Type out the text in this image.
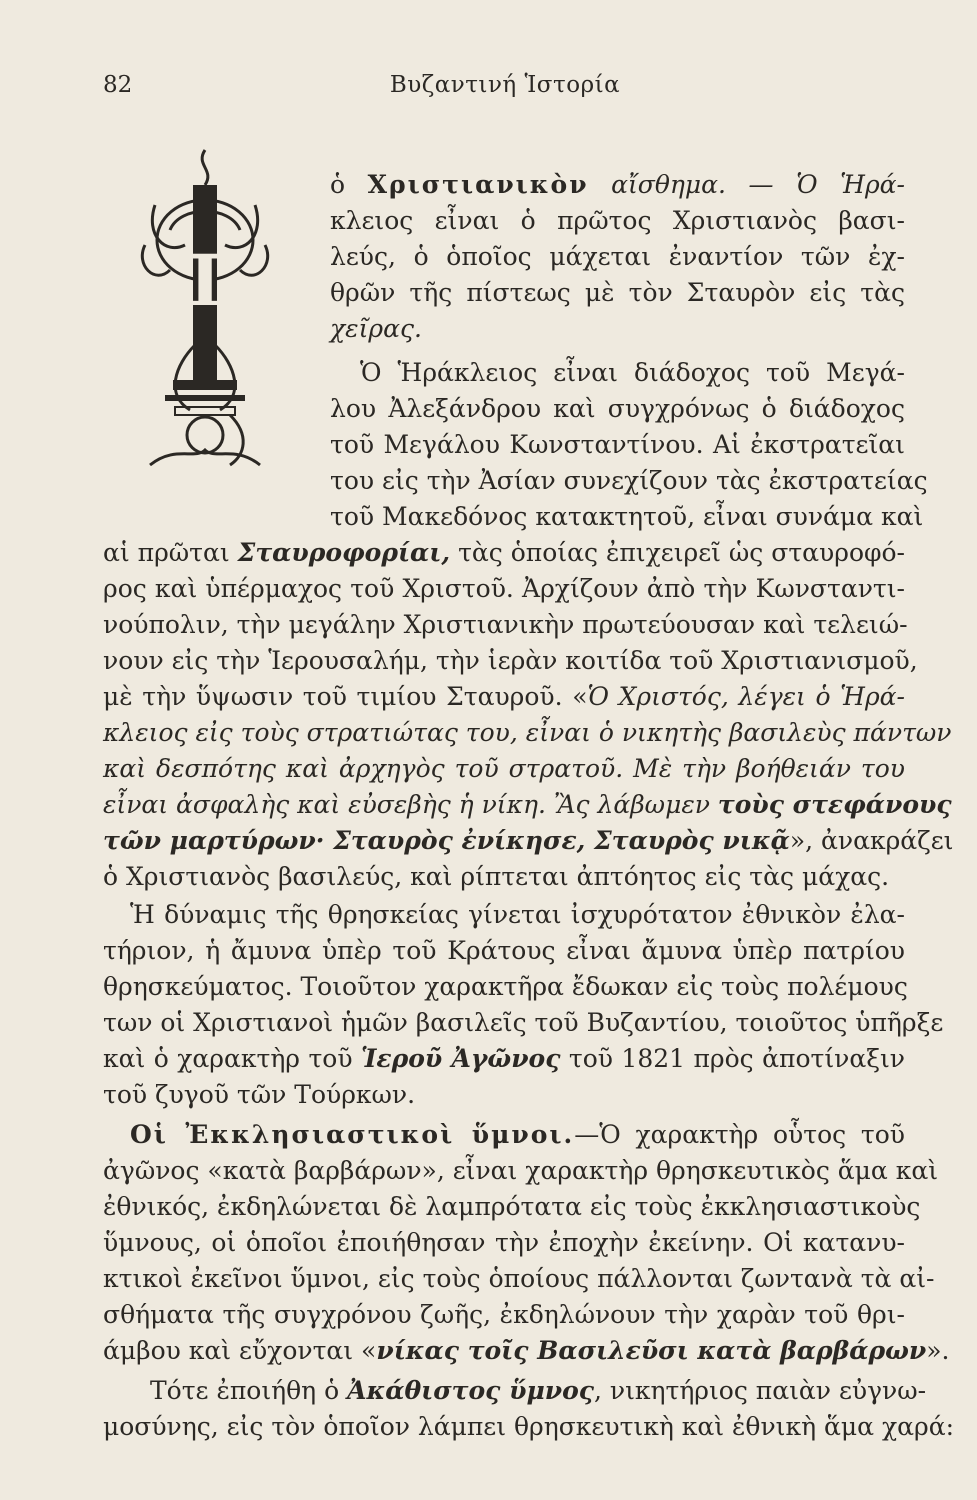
82	Βυζαντινή Ἱστορία
Τ
ὁ Χριστιανικὸν αἴσθημα. — Ὁ Ἡρά-
κλειος εἶναι ὁ πρῶτος Χριστιανὸς βασι-
λεύς, ὁ ὁποῖος μάχεται ἐναντίον τῶν ἐχ-
θρῶν τῆς πίστεως μὲ τὸν Σταυρὸν εἰς τὰς
χεῖρας.
Ὁ Ἡράκλειος εἶναι διάδοχος τοῦ Μεγά-
λου Ἀλεξάνδρου καὶ συγχρόνως ὁ διάδοχος
τοῦ Μεγάλου Κωνσταντίνου. Αἱ ἐκστρατεῖαι
του εἰς τὴν Ἀσίαν συνεχίζουν τὰς ἐκστρατείας
τοῦ Μακεδόνος κατακτητοῦ, εἶναι συνάμα καὶ
αἱ πρῶται Σταυροφορίαι, τὰς ὁποίας ἐπιχειρεῖ ὡς σταυροφό-
ρος καὶ ὑπέρμαχος τοῦ Χριστοῦ. Ἀρχίζουν ἀπὸ τὴν Κωνσταντι-
νούπολιν, τὴν μεγάλην Χριστιανικὴν πρωτεύουσαν καὶ τελειώ-
νουν εἰς τὴν Ἱερουσαλήμ, τὴν ἱερὰν κοιτίδα τοῦ Χριστιανισμοῦ,
μὲ τὴν ὕψωσιν τοῦ τιμίου Σταυροῦ. «Ὁ Χριστός, λέγει ὁ Ἡρά-
κλειος εἰς τοὺς στρατιώτας του, εἶναι ὁ νικητὴς βασιλεὺς πάντων
καὶ δεσπότης καὶ ἀρχηγὸς τοῦ στρατοῦ. Μὲ τὴν βοήθειάν του
εἶναι ἀσφαλὴς καὶ εὐσεβὴς ἡ νίκη. Ἂς λάβωμεν τοὺς στεφάνους
τῶν μαρτύρων· Σταυρὸς ἐνίκησε, Σταυρὸς νικᾷ», ἀνακράζει
ὁ Χριστιανὸς βασιλεύς, καὶ ρίπτεται ἀπτόητος εἰς τὰς μάχας.
Ἡ δύναμις τῆς θρησκείας γίνεται ἰσχυρότατον ἐθνικὸν ἐλα-
τήριον, ἡ ἄμυνα ὑπὲρ τοῦ Κράτους εἶναι ἄμυνα ὑπὲρ πατρίου
θρησκεύματος. Τοιοῦτον χαρακτῆρα ἔδωκαν εἰς τοὺς πολέμους
των οἱ Χριστιανοὶ ἡμῶν βασιλεῖς τοῦ Βυζαντίου, τοιοῦτος ὑπῆρξε
καὶ ὁ χαρακτὴρ τοῦ Ἱεροῦ Ἀγῶνος τοῦ 1821 πρὸς ἀποτίναξιν
τοῦ ζυγοῦ τῶν Τούρκων.
Οἱ Ἐκκλησιαστικοὶ ὕμνοι.—Ὁ χαρακτὴρ οὗτος τοῦ
ἀγῶνος «κατὰ βαρβάρων», εἶναι χαρακτὴρ θρησκευτικὸς ἅμα καὶ
ἐθνικός, ἐκδηλώνεται δὲ λαμπρότατα εἰς τοὺς ἐκκλησιαστικοὺς
ὕμνους, οἱ ὁποῖοι ἐποιήθησαν τὴν ἐποχὴν ἐκείνην. Οἱ κατανυ-
κτικοὶ ἐκεῖνοι ὕμνοι, εἰς τοὺς ὁποίους πάλλονται ζωντανὰ τὰ αἰ-
σθήματα τῆς συγχρόνου ζωῆς, ἐκδηλώνουν τὴν χαρὰν τοῦ θρι-
άμβου καὶ εὔχονται «νίκας τοῖς Βασιλεῦσι κατὰ βαρβάρων».
Τότε ἐποιήθη ὁ Ἀκάθιστος ὕμνος, νικητήριος παιὰν εὐγνω-
μοσύνης, εἰς τὸν ὁποῖον λάμπει θρησκευτικὴ καὶ ἐθνικὴ ἅμα χαρά:
